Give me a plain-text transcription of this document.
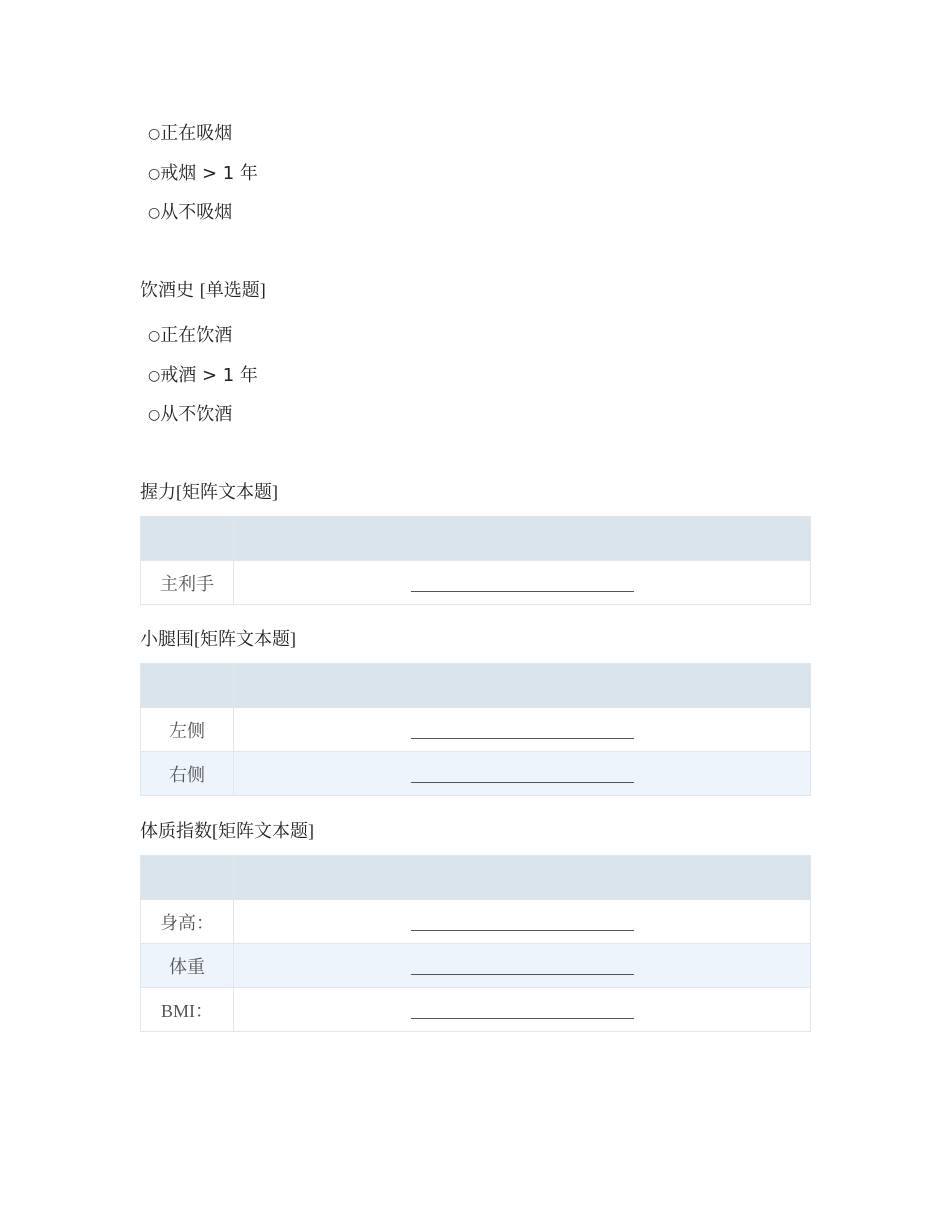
○正在吸烟
○戒烟 > 1 年
○从不吸烟
饮酒史 [单选题]
○正在饮酒
○戒酒 > 1 年
○从不饮酒
握力[矩阵文本题]

主利手	
小腿围[矩阵文本题]

左侧	
右侧	
体质指数[矩阵文本题]

身高：	
体重	
BMI：	
